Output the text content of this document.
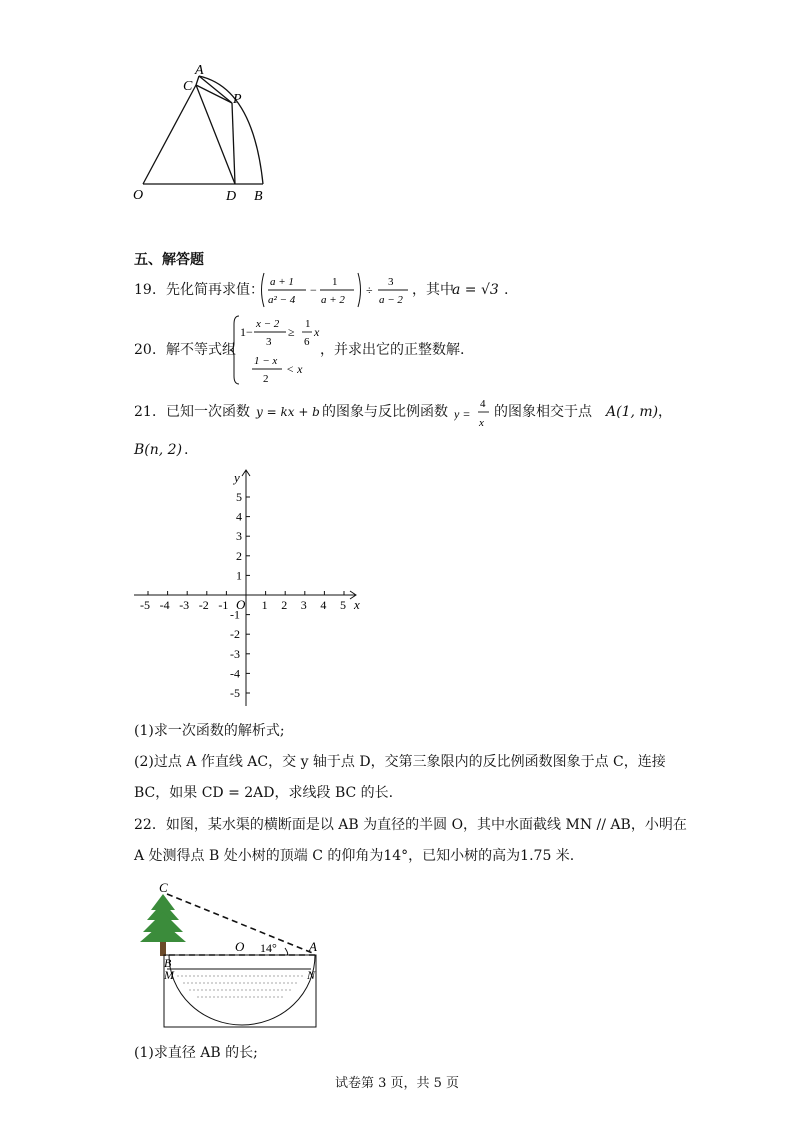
O	D B
A
C
P
五、解答题
19 ．先化简再求值： a + 1
a² − 4
−
1
a + 2
÷
3
a − 2
，其中
a = √3 .
20 ．解不等式组
1−
x − 2
3
≥
1
6
x
1 − x
2
< x
，并求出它的正整数解.
21 ．已知一次函数 y = kx + b 的图象与反比例函数 y =
4
x
的图象相交于点 A(1, m) ，
B(n, 2) .
-5 -4 -3 -2 -1	1 2 3 4 5
5
4
3
2
1
-1
-2
-3
-4
-5
x
y
O
(1)求一次函数的解析式;
(2)过点 A 作直线 AC，交 y 轴于点 D，交第三象限内的反比例函数图象于点 C，连接
BC，如果 CD = 2AD，求线段 BC 的长.
22．如图，某水渠的横断面是以 AB 为直径的半圆 O，其中水面截线 MN // AB，小明在
A 处测得点 B 处小树的顶端 C 的仰角为14°，已知小树的高为1.75 米.
C
O 14° A
B
M	N
(1)求直径 AB 的长;
试卷第 3 页，共 5 页
